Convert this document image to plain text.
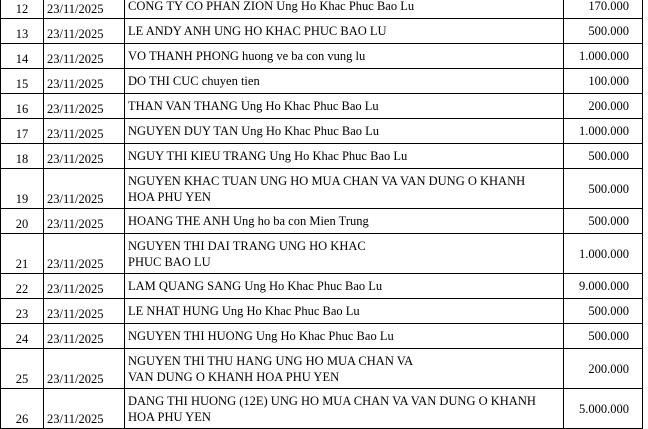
12	23/11/2025	CONG TY CO PHAN ZION Ung Ho Khac Phuc Bao Lu	170.000
13	23/11/2025	LE ANDY ANH UNG HO KHAC PHUC BAO LU	500.000
14	23/11/2025	VO THANH PHONG huong ve ba con vung lu	1.000.000
15	23/11/2025	DO THI CUC chuyen tien	100.000
16	23/11/2025	THAN VAN THANG Ung Ho Khac Phuc Bao Lu	200.000
17	23/11/2025	NGUYEN DUY TAN Ung Ho Khac Phuc Bao Lu	1.000.000
18	23/11/2025	NGUY THI KIEU TRANG Ung Ho Khac Phuc Bao Lu	500.000
19	23/11/2025	NGUYEN KHAC TUAN UNG HO MUA CHAN VA VAN DUNG O KHANH
HOA PHU YEN	500.000
20	23/11/2025	HOANG THE ANH Ung ho ba con Mien Trung	500.000
21	23/11/2025	NGUYEN THI DAI TRANG UNG HO KHAC
PHUC BAO LU	1.000.000
22	23/11/2025	LAM QUANG SANG Ung Ho Khac Phuc Bao Lu	9.000.000
23	23/11/2025	LE NHAT HUNG Ung Ho Khac Phuc Bao Lu	500.000
24	23/11/2025	NGUYEN THI HUONG Ung Ho Khac Phuc Bao Lu	500.000
25	23/11/2025	NGUYEN THI THU HANG UNG HO MUA CHAN VA
VAN DUNG O KHANH HOA PHU YEN	200.000
26	23/11/2025	DANG THI HUONG (12E) UNG HO MUA CHAN VA VAN DUNG O KHANH
HOA PHU YEN	5.000.000
